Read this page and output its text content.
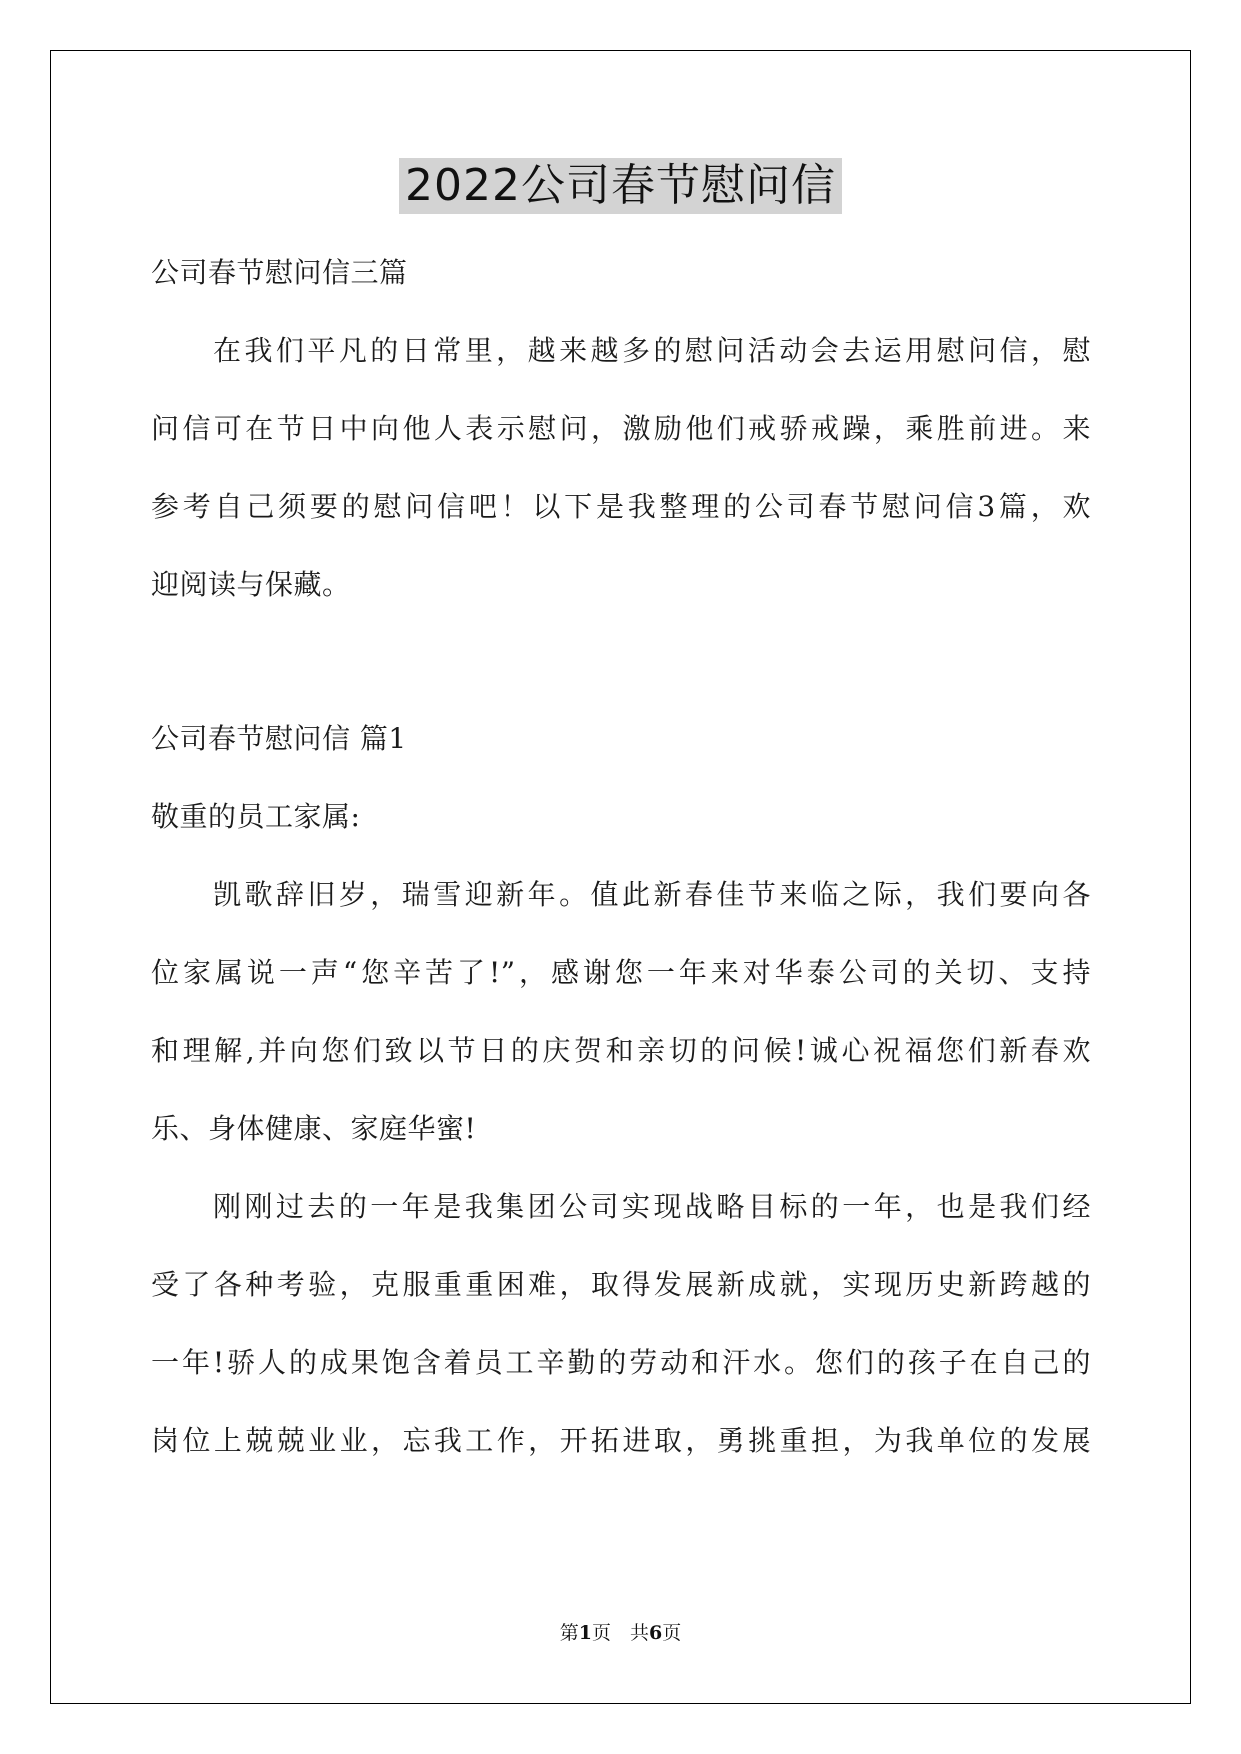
2022公司春节慰问信
公司春节慰问信三篇
在我们平凡的日常里，越来越多的慰问活动会去运用慰问信，慰
问信可在节日中向他人表示慰问，激励他们戒骄戒躁，乘胜前进。来
参考自己须要的慰问信吧！以下是我整理的公司春节慰问信3篇，欢
迎阅读与保藏。
公司春节慰问信 篇1
敬重的员工家属:
凯歌辞旧岁，瑞雪迎新年。值此新春佳节来临之际，我们要向各
位家属说一声“您辛苦了!”，感谢您一年来对华泰公司的关切、支持
和理解,并向您们致以节日的庆贺和亲切的问候!诚心祝福您们新春欢
乐、身体健康、家庭华蜜!
刚刚过去的一年是我集团公司实现战略目标的一年，也是我们经
受了各种考验，克服重重困难，取得发展新成就，实现历史新跨越的
一年!骄人的成果饱含着员工辛勤的劳动和汗水。您们的孩子在自己的
岗位上兢兢业业，忘我工作，开拓进取，勇挑重担，为我单位的发展
第1页　共6页
